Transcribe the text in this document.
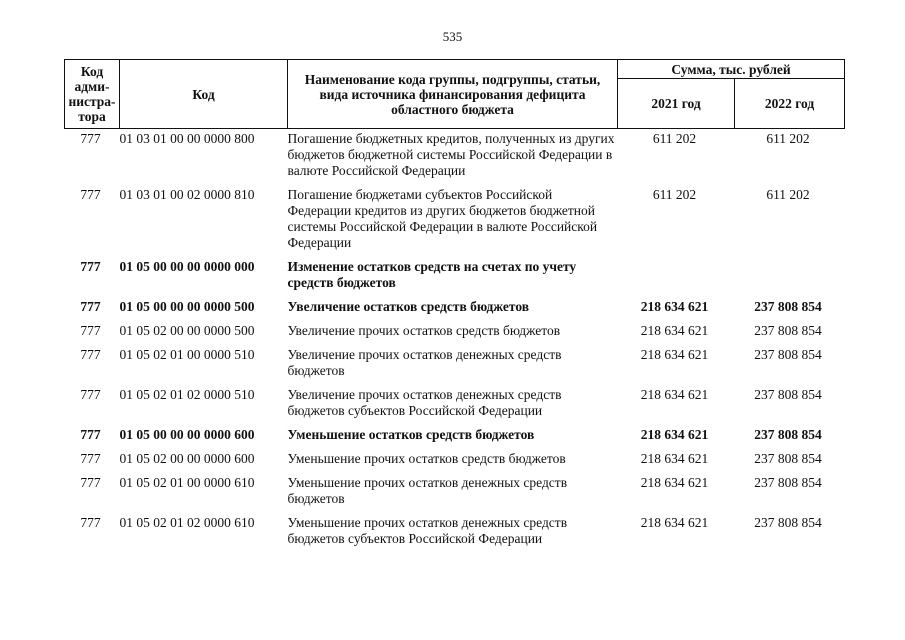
535
Код адми-
нистра-
тора	Код	Наименование кода группы, подгруппы, статьи, вида источника финансирования дефицита областного бюджета	Сумма, тыс. рублей	
			2021 год	2022 год
777	01 03 01 00 00 0000 800	Погашение бюджетных кредитов, полученных из других бюджетов бюджетной системы Российской Федерации в валюте Российской Федерации	611 202	611 202
777	01 03 01 00 02 0000 810	Погашение бюджетами субъектов Российской Федерации кредитов из других бюджетов бюджетной системы Российской Федерации в валюте Российской Федерации	611 202	611 202
777	01 05 00 00 00 0000 000	Изменение остатков средств на счетах по учету средств бюджетов		
777	01 05 00 00 00 0000 500	Увеличение остатков средств бюджетов	218 634 621	237 808 854
777	01 05 02 00 00 0000 500	Увеличение прочих остатков средств бюджетов	218 634 621	237 808 854
777	01 05 02 01 00 0000 510	Увеличение прочих остатков денежных средств бюджетов	218 634 621	237 808 854
777	01 05 02 01 02 0000 510	Увеличение прочих остатков денежных средств бюджетов субъектов Российской Федерации	218 634 621	237 808 854
777	01 05 00 00 00 0000 600	Уменьшение остатков средств бюджетов	218 634 621	237 808 854
777	01 05 02 00 00 0000 600	Уменьшение прочих остатков средств бюджетов	218 634 621	237 808 854
777	01 05 02 01 00 0000 610	Уменьшение прочих остатков денежных средств бюджетов	218 634 621	237 808 854
777	01 05 02 01 02 0000 610	Уменьшение прочих остатков денежных средств бюджетов субъектов Российской Федерации	218 634 621	237 808 854
